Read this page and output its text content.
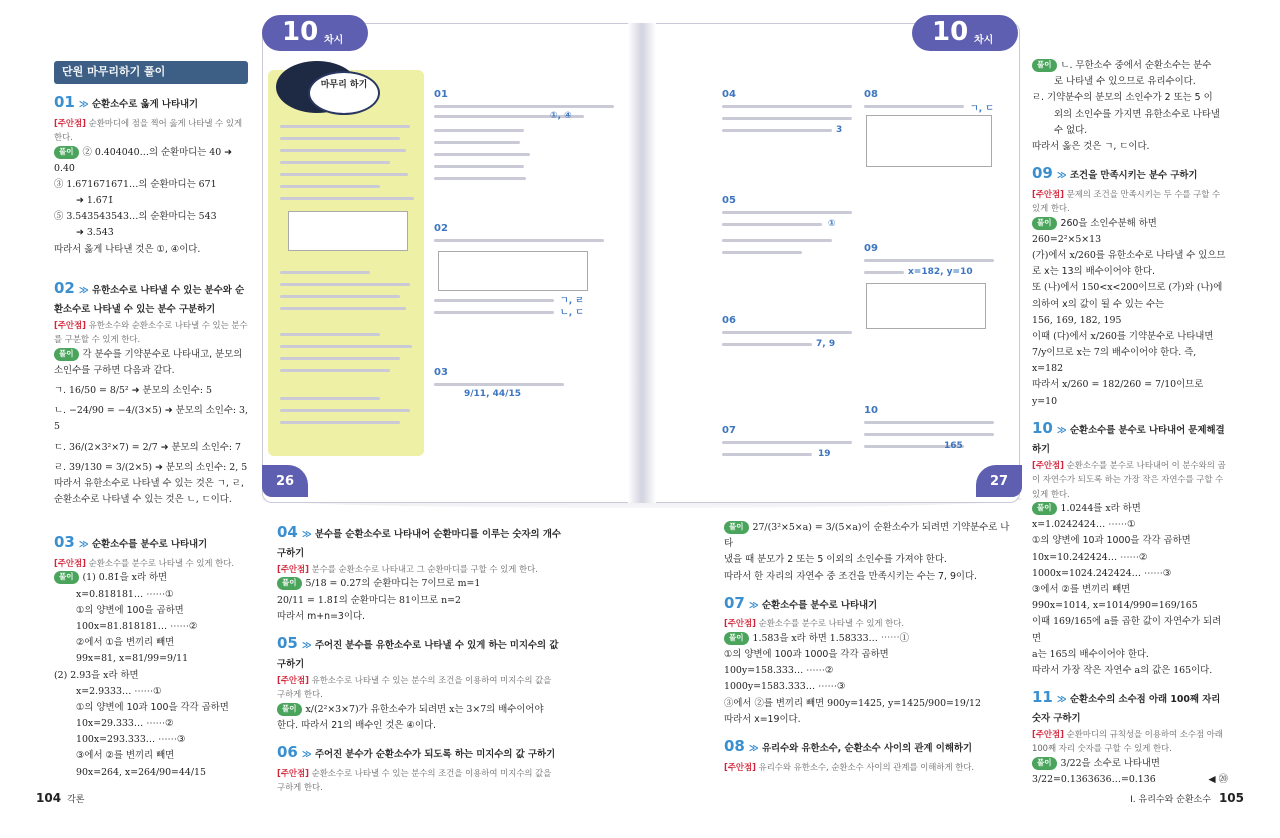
단원 마무리하기 풀이
01 ≫ 순환소수로 옳게 나타내기

[주안점] 순환마디에 점을 찍어 옳게 나타낼 수 있게 한다.

풀이 ② 0.404040…의 순환마디는 40 ➜ 0.4̇0̇

③ 1.671671671…의 순환마디는 671

➜ 1.6̇71̇

⑤ 3.543543543…의 순환마디는 543

➜ 3.5̇43̇

따라서 옳게 나타낸 것은 ①, ④이다.

02 ≫ 유한소수로 나타낼 수 있는 분수와 순환소수로 나타낼 수 있는 분수 구분하기

[주안점] 유한소수와 순환소수로 나타낼 수 있는 분수를 구분할 수 있게 한다.

풀이 각 분수를 기약분수로 나타내고, 분모의 소인수를 구하면 다음과 같다.

ㄱ. 16/50 = 8/5² ➜ 분모의 소인수: 5

ㄴ. −24/90 = −4/(3×5) ➜ 분모의 소인수: 3, 5

ㄷ. 36/(2×3²×7) = 2/7 ➜ 분모의 소인수: 7

ㄹ. 39/130 = 3/(2×5) ➜ 분모의 소인수: 2, 5

따라서 유한소수로 나타낼 수 있는 것은 ㄱ, ㄹ,

순환소수로 나타낼 수 있는 것은 ㄴ, ㄷ이다.

03 ≫ 순환소수를 분수로 나타내기

[주안점] 순환소수를 분수로 나타낼 수 있게 한다.

풀이 (1) 0.8̇1̇을 x라 하면

x=0.818181… ⋯⋯①

①의 양변에 100을 곱하면

100x=81.818181… ⋯⋯②

②에서 ①을 변끼리 빼면

99x=81, x=81/99=9/11

(2) 2.93̇을 x라 하면

x=2.9333… ⋯⋯①

①의 양변에 10과 100을 각각 곱하면

10x=29.333… ⋯⋯②

100x=293.333… ⋯⋯③

③에서 ②를 변끼리 빼면

90x=264, x=264/90=44/15

10 차시	10 차시
마무리 하기
01
①, ④
02
ㄱ, ㄹ
ㄴ, ㄷ
03
9/11, 44/15
26
04
3
05
①
06
7, 9
07
19
08
ㄱ, ㄷ
09
x=182, y=10
10
165
27
04 ≫ 분수를 순환소수로 나타내어 순환마디를 이루는 숫자의 개수 구하기

[주안점] 분수를 순환소수로 나타내고 그 순환마디를 구할 수 있게 한다.

풀이 5/18 = 0.27̇의 순환마디는 7이므로 m=1

20/11 = 1.8̇1̇의 순환마디는 81이므로 n=2

따라서 m+n=3이다.

05 ≫ 주어진 분수를 유한소수로 나타낼 수 있게 하는 미지수의 값 구하기

[주안점] 유한소수로 나타낼 수 있는 분수의 조건을 이용하여 미지수의 값을 구하게 한다.

풀이 x/(2²×3×7)가 유한소수가 되려면 x는 3×7의 배수이어야

한다. 따라서 21의 배수인 것은 ④이다.

06 ≫ 주어진 분수가 순환소수가 되도록 하는 미지수의 값 구하기

[주안점] 순환소수로 나타낼 수 있는 분수의 조건을 이용하여 미지수의 값을 구하게 한다.

풀이 27/(3²×5×a) = 3/(5×a)이 순환소수가 되려면 기약분수로 나타

냈을 때 분모가 2 또는 5 이외의 소인수를 가져야 한다.

따라서 한 자리의 자연수 중 조건을 만족시키는 수는 7, 9이다.

07 ≫ 순환소수를 분수로 나타내기

[주안점] 순환소수를 분수로 나타낼 수 있게 한다.

풀이 1.583̇을 x라 하면 1.58333… ⋯⋯①

①의 양변에 100과 1000을 각각 곱하면

100y=158.333… ⋯⋯②

1000y=1583.333… ⋯⋯③

③에서 ②를 변끼리 빼면 900y=1425, y=1425/900=19/12

따라서 x=19이다.

08 ≫ 유리수와 유한소수, 순환소수 사이의 관계 이해하기

[주안점] 유리수와 유한소수, 순환소수 사이의 관계를 이해하게 한다.

풀이 ㄴ. 무한소수 중에서 순환소수는 분수

로 나타낼 수 있으므로 유리수이다.

ㄹ. 기약분수의 분모의 소인수가 2 또는 5 이

외의 소인수를 가지면 유한소수로 나타낼

수 없다.

따라서 옳은 것은 ㄱ, ㄷ이다.

09 ≫ 조건을 만족시키는 분수 구하기

[주안점] 문제의 조건을 만족시키는 두 수를 구할 수 있게 한다.

풀이 260을 소인수분해 하면

260=2²×5×13

(가)에서 x/260를 유한소수로 나타낼 수 있으므

로 x는 13의 배수이어야 한다.

또 (나)에서 150<x<200이므로 (가)와 (나)에

의하여 x의 값이 될 수 있는 수는

156, 169, 182, 195

이때 (다)에서 x/260를 기약분수로 나타내면

7/y이므로 x는 7의 배수이어야 한다. 즉,

x=182

따라서 x/260 = 182/260 = 7/10이므로 y=10

10 ≫ 순환소수를 분수로 나타내어 문제해결하기

[주안점] 순환소수를 분수로 나타내어 이 분수와의 곱이 자연수가 되도록 하는 가장 작은 자연수를 구할 수 있게 한다.

풀이 1.024̇4̇를 x라 하면

x=1.0242424… ⋯⋯①

①의 양변에 10과 1000을 각각 곱하면

10x=10.242424… ⋯⋯②

1000x=1024.242424… ⋯⋯③

③에서 ②를 변끼리 빼면

990x=1014, x=1014/990=169/165

이때 169/165에 a를 곱한 값이 자연수가 되려면

a는 165의 배수이어야 한다.

따라서 가장 작은 자연수 a의 값은 165이다.

11 ≫ 순환소수의 소수점 아래 100째 자리 숫자 구하기

[주안점] 순환마디의 규칙성을 이용하여 소수점 아래 100째 자리 숫자를 구할 수 있게 한다.

풀이 3/22을 소수로 나타내면

3/22=0.1363636…=0.13̇6̇	◀ ⑳

104 각론	I. 유리수와 순환소수 105
